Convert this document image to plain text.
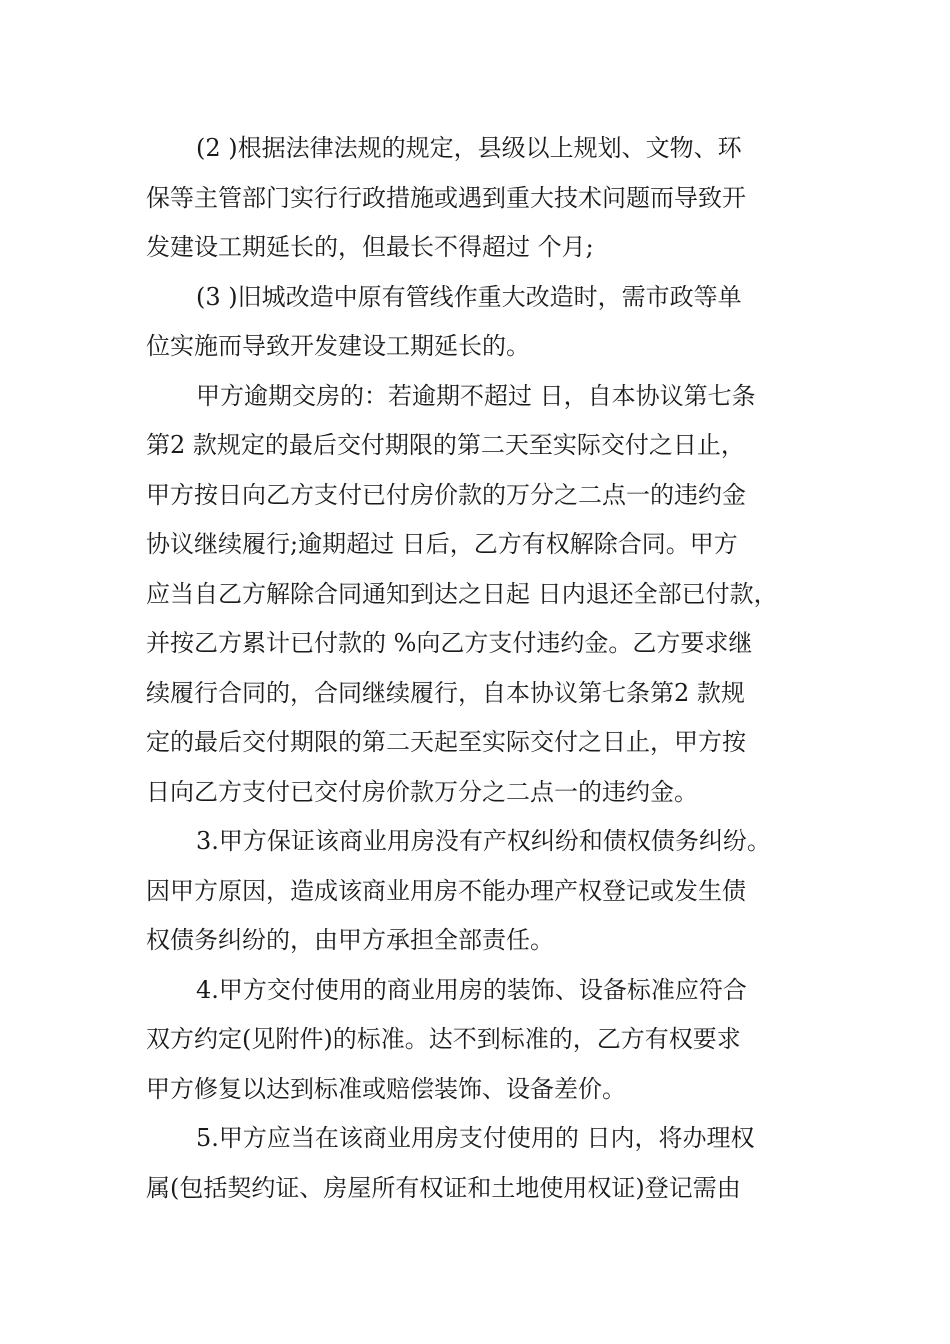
(2 )根据法律法规的规定，县级以上规划、文物、环
保等主管部门实行行政措施或遇到重大技术问题而导致开
发建设工期延长的，但最长不得超过 个月;
(3 )旧城改造中原有管线作重大改造时，需市政等单
位实施而导致开发建设工期延长的。
甲方逾期交房的：若逾期不超过 日，自本协议第七条
第2 款规定的最后交付期限的第二天至实际交付之日止，
甲方按日向乙方支付已付房价款的万分之二点一的违约金
协议继续履行;逾期超过 日后，乙方有权解除合同。甲方
应当自乙方解除合同通知到达之日起 日内退还全部已付款，
并按乙方累计已付款的 %向乙方支付违约金。乙方要求继
续履行合同的，合同继续履行，自本协议第七条第2 款规
定的最后交付期限的第二天起至实际交付之日止，甲方按
日向乙方支付已交付房价款万分之二点一的违约金。
3.甲方保证该商业用房没有产权纠纷和债权债务纠纷。
因甲方原因，造成该商业用房不能办理产权登记或发生债
权债务纠纷的，由甲方承担全部责任。
4.甲方交付使用的商业用房的装饰、设备标准应符合
双方约定(见附件)的标准。达不到标准的，乙方有权要求
甲方修复以达到标准或赔偿装饰、设备差价。
5.甲方应当在该商业用房支付使用的 日内，将办理权
属(包括契约证、房屋所有权证和土地使用权证)登记需由
